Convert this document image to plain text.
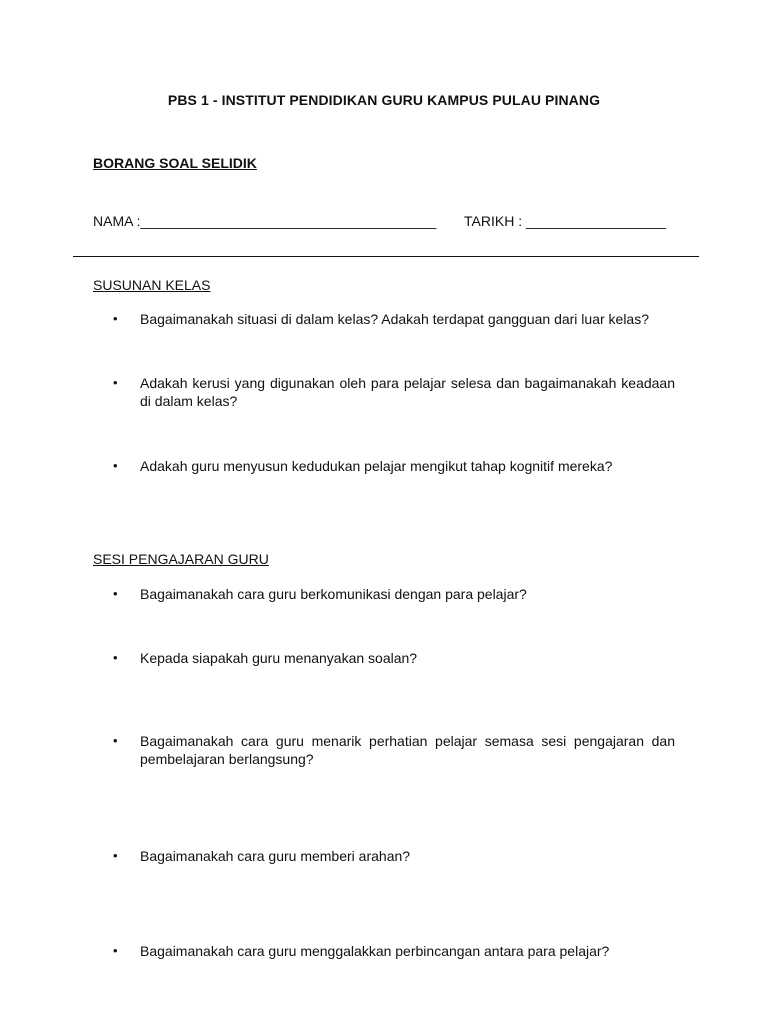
PBS 1 - INSTITUT PENDIDIKAN GURU KAMPUS PULAU PINANG
BORANG SOAL SELIDIK
NAMA :______________________________________ TARIKH : __________________
SUSUNAN KELAS
•	Bagaimanakah situasi di dalam kelas? Adakah terdapat gangguan dari luar kelas?
•	Adakah kerusi yang digunakan oleh para pelajar selesa dan bagaimanakah keadaan di dalam kelas?
•	Adakah guru menyusun kedudukan pelajar mengikut tahap kognitif mereka?
SESI PENGAJARAN GURU
•	Bagaimanakah cara guru berkomunikasi dengan para pelajar?
•	Kepada siapakah guru menanyakan soalan?
•	Bagaimanakah cara guru menarik perhatian pelajar semasa sesi pengajaran dan pembelajaran berlangsung?
•	Bagaimanakah cara guru memberi arahan?
•	Bagaimanakah cara guru menggalakkan perbincangan antara para pelajar?
